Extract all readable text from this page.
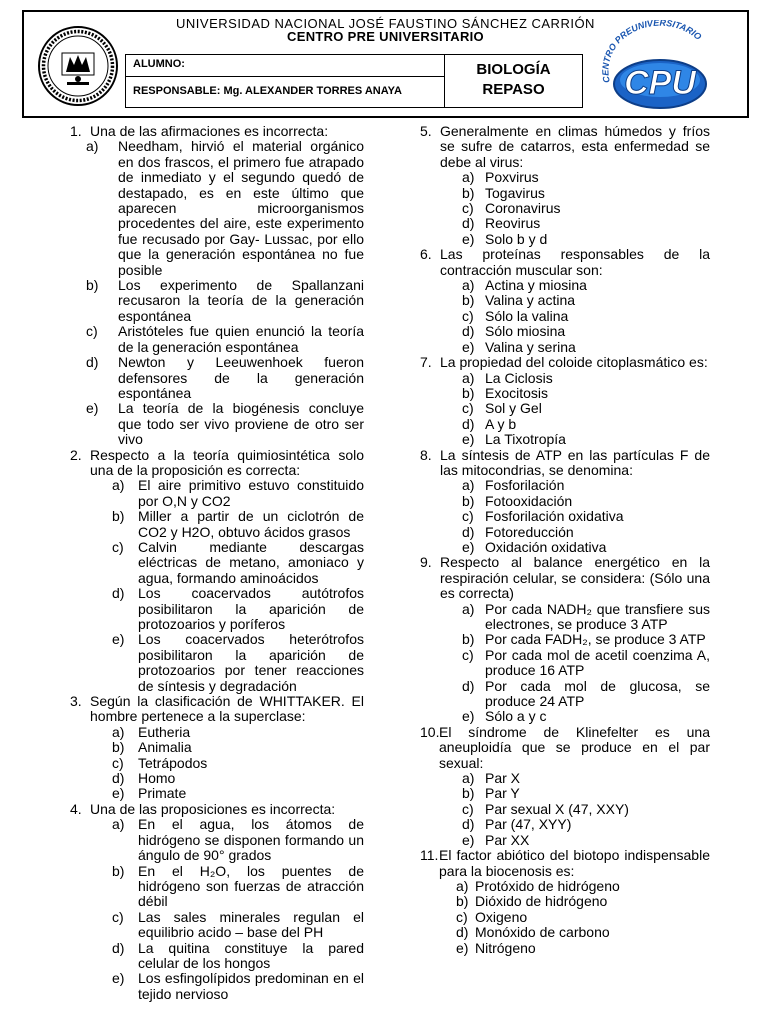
UNIVERSIDAD NACIONAL JOSÉ FAUSTINO SÁNCHEZ CARRIÓN
CENTRO PRE UNIVERSITARIO
ALUMNO:
RESPONSABLE: Mg. ALEXANDER TORRES ANAYA
BIOLOGÍA
REPASO
CENTRO PREUNIVERSITARIO
CPU
1. Una de las afirmaciones es incorrecta:
a) Needham, hirvió el material orgánico en dos frascos, el primero fue atrapado de inmediato y el segundo quedó de destapado, es en este último que aparecen microorganismos procedentes del aire, este experimento fue recusado por Gay- Lussac, por ello que la generación espontánea no fue posible
b) Los experimento de Spallanzani recusaron la teoría de la generación espontánea
c) Aristóteles fue quien enunció la teoría de la generación espontánea
d) Newton y Leeuwenhoek fueron defensores de la generación espontánea
e) La teoría de la biogénesis concluye que todo ser vivo proviene de otro ser vivo
2. Respecto a la teoría quimiosintética solo una de la proposición es correcta:
a) El aire primitivo estuvo constituido por O,N y CO2
b) Miller a partir de un ciclotrón de CO2 y H2O, obtuvo ácidos grasos
c) Calvin mediante descargas eléctricas de metano, amoniaco y agua, formando aminoácidos
d) Los coacervados autótrofos posibilitaron la aparición de protozoarios y poríferos
e) Los coacervados heterótrofos posibilitaron la aparición de protozoarios por tener reacciones de síntesis y degradación
3. Según la clasificación de WHITTAKER. El hombre pertenece a la superclase:
a) Eutheria
b) Animalia
c) Tetrápodos
d) Homo
e) Primate
4. Una de las proposiciones es incorrecta:
a) En el agua, los átomos de hidrógeno se disponen formando un ángulo de 90° grados
b) En el H₂O, los puentes de hidrógeno son fuerzas de atracción débil
c) Las sales minerales regulan el equilibrio acido – base del PH
d) La quitina constituye la pared celular de los hongos
e) Los esfingolípidos predominan en el tejido nervioso
5. Generalmente en climas húmedos y fríos se sufre de catarros, esta enfermedad se debe al virus:
a) Poxvirus
b) Togavirus
c) Coronavirus
d) Reovirus
e) Solo b y d
6. Las proteínas responsables de la contracción muscular son:
a) Actina y miosina
b) Valina y actina
c) Sólo la valina
d) Sólo miosina
e) Valina y serina
7. La propiedad del coloide citoplasmático es:
a) La Ciclosis
b) Exocitosis
c) Sol y Gel
d) A y b
e) La Tixotropía
8. La síntesis de ATP en las partículas F de las mitocondrias, se denomina:
a) Fosforilación
b) Fotooxidación
c) Fosforilación oxidativa
d) Fotoreducción
e) Oxidación oxidativa
9. Respecto al balance energético en la respiración celular, se considera: (Sólo una es correcta)
a) Por cada NADH₂ que transfiere sus electrones, se produce 3 ATP
b) Por cada FADH₂, se produce 3 ATP
c) Por cada mol de acetil coenzima A, produce 16 ATP
d) Por cada mol de glucosa, se produce 24 ATP
e) Sólo a y c
10. El síndrome de Klinefelter es una aneuploidía que se produce en el par sexual:
a) Par X
b) Par Y
c) Par sexual X (47, XXY)
d) Par (47, XYY)
e) Par XX
11. El factor abiótico del biotopo indispensable para la biocenosis es:
a) Protóxido de hidrógeno
b) Dióxido de hidrógeno
c) Oxigeno
d) Monóxido de carbono
e) Nitrógeno
